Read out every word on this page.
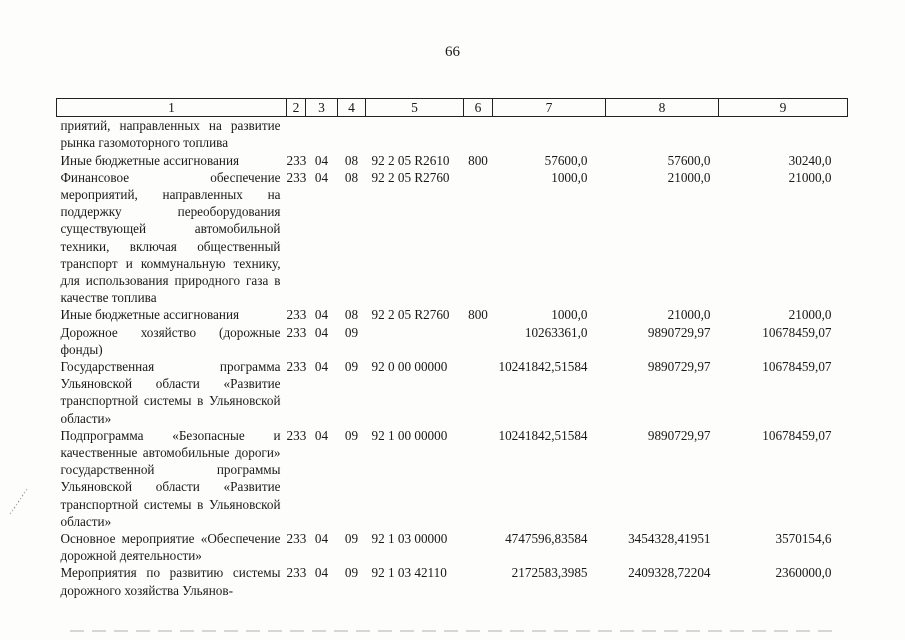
66
1	2	3	4	5	6	7	8	9
приятий, направленных на развитие рынка газомоторного топлива								
Иные бюджетные ассигнования	233	04	08	92 2 05 R2610	800	57600,0	57600,0	30240,0
Финансовое обеспечение мероприятий, направленных на поддержку переоборудования существующей автомобильной техники, включая общественный транспорт и коммунальную технику, для использования природного газа в качестве топлива	233	04	08	92 2 05 R2760		1000,0	21000,0	21000,0
Иные бюджетные ассигнования	233	04	08	92 2 05 R2760	800	1000,0	21000,0	21000,0
Дорожное хозяйство (дорожные фонды)	233	04	09			10263361,0	9890729,97	10678459,07
Государственная программа Ульяновской области «Развитие транспортной системы в Ульяновской области»	233	04	09	92 0 00 00000		10241842,51584	9890729,97	10678459,07
Подпрограмма «Безопасные и качественные автомобильные дороги» государственной программы Ульяновской области «Развитие транспортной системы в Ульяновской области»	233	04	09	92 1 00 00000		10241842,51584	9890729,97	10678459,07
Основное мероприятие «Обеспечение дорожной деятельности»	233	04	09	92 1 03 00000		4747596,83584	3454328,41951	3570154,6
Мероприятия по развитию системы дорожного хозяйства Ульянов-	233	04	09	92 1 03 42110		2172583,3985	2409328,72204	2360000,0
